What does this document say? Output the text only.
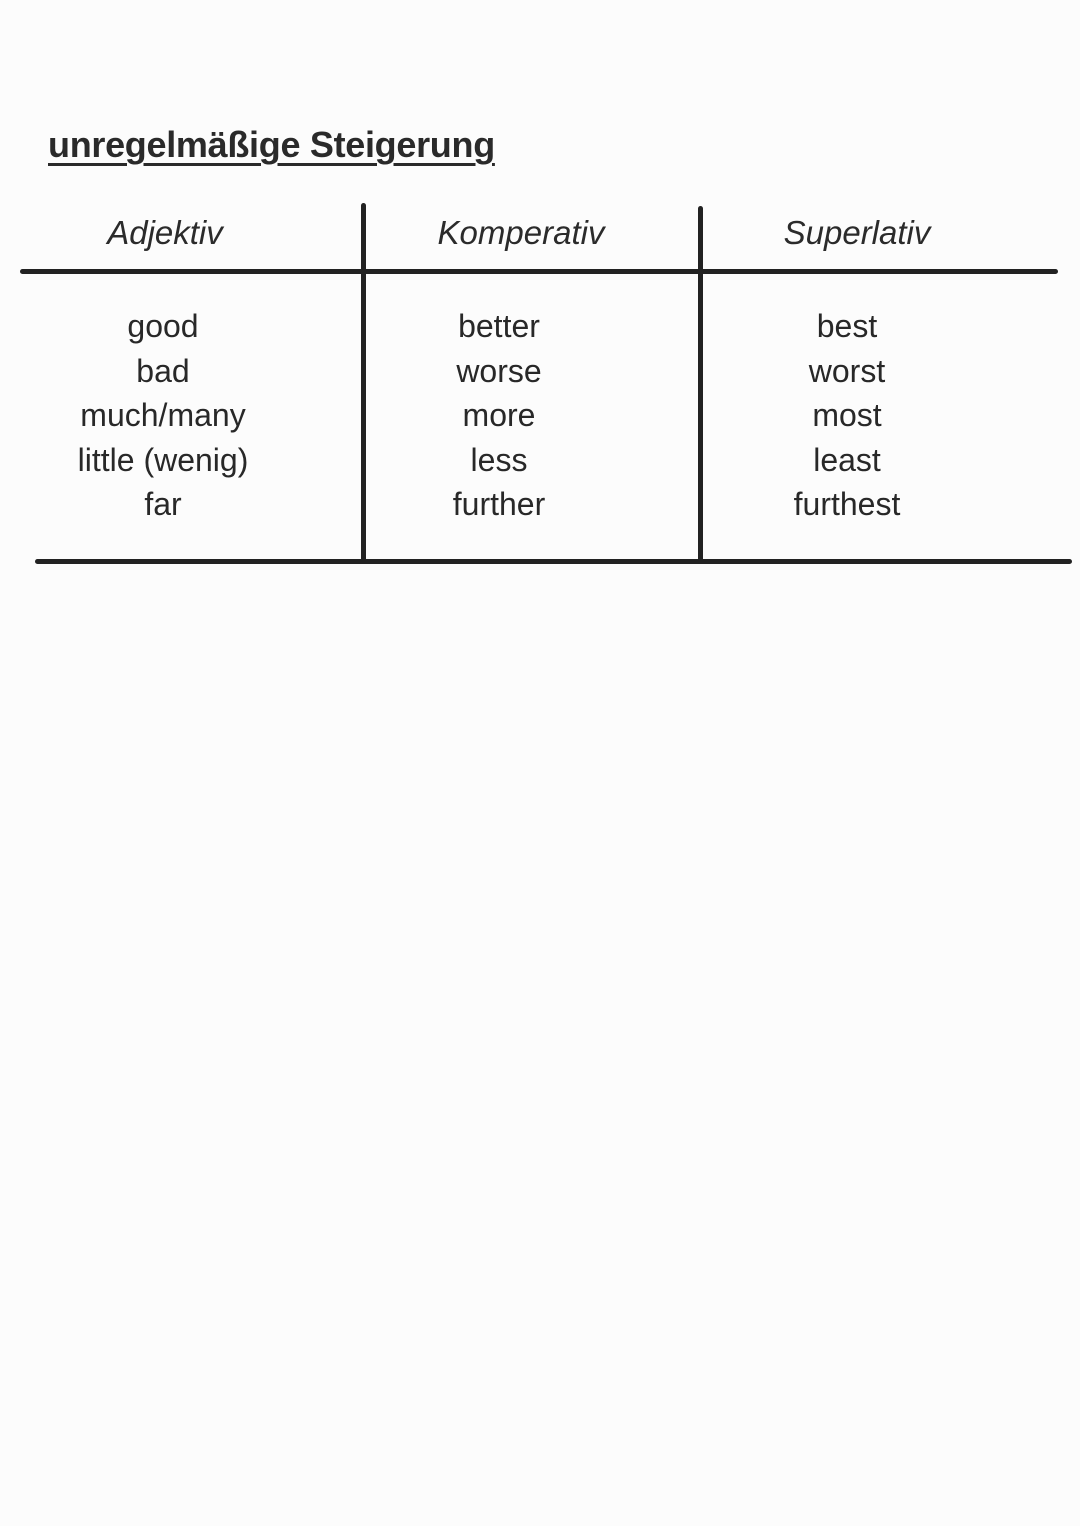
unregelmäßige Steigerung
Adjektiv	Komperativ	Superlativ
good
bad
much/many
little (wenig)
far
better
worse
more
less
further
best
worst
most
least
furthest
